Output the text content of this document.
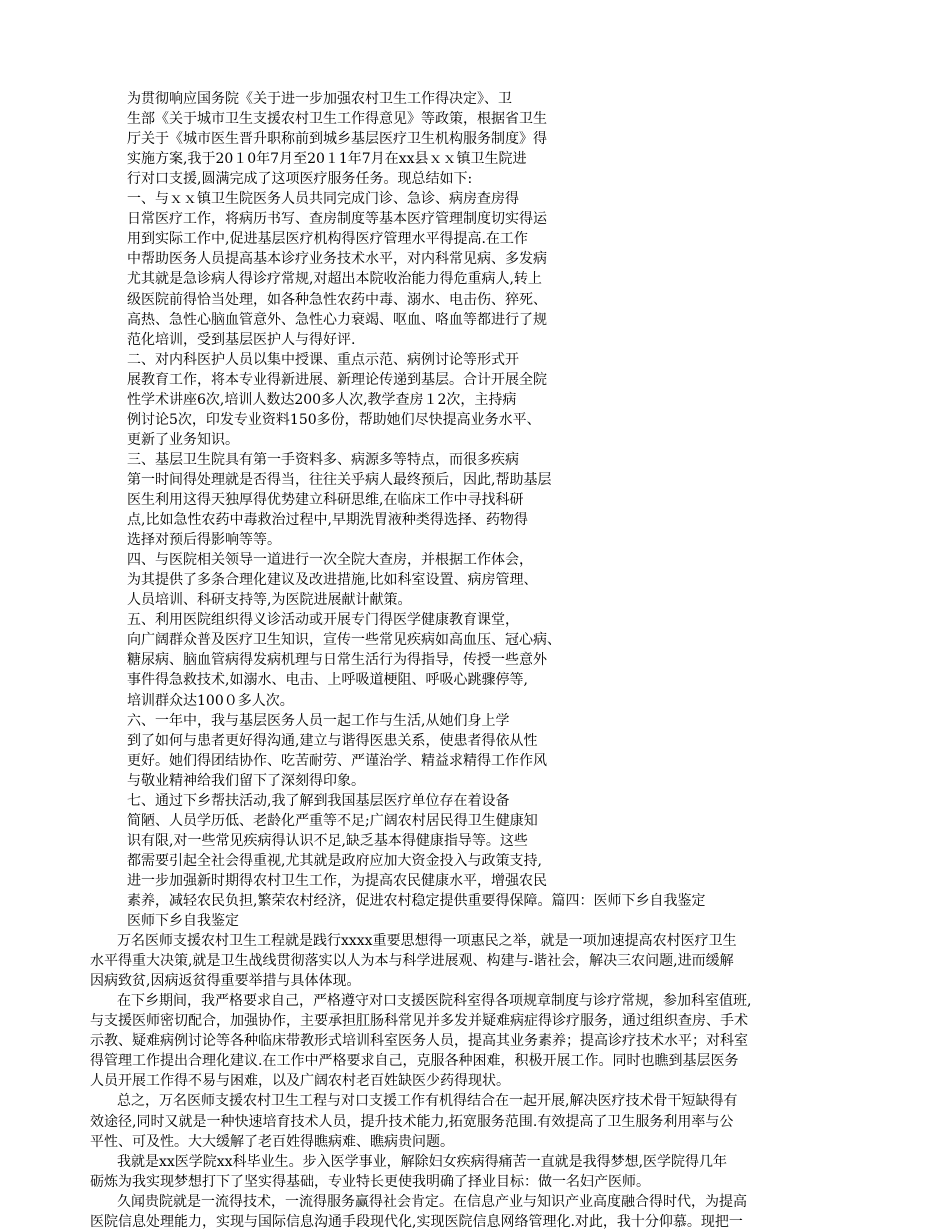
为贯彻响应国务院《关于进一步加强农村卫生工作得决定》、卫
生部《关于城市卫生支援农村卫生工作得意见》等政策，根据省卫生
厅关于《城市医生晋升职称前到城乡基层医疗卫生机构服务制度》得
实施方案,我于20１0年7月至20１1年7月在xx县ｘｘ镇卫生院进
行对口支援,圆满完成了这项医疗服务任务。现总结如下:
一、与ｘｘ镇卫生院医务人员共同完成门诊、急诊、病房查房得
日常医疗工作，将病历书写、查房制度等基本医疗管理制度切实得运
用到实际工作中,促进基层医疗机构得医疗管理水平得提高.在工作
中帮助医务人员提高基本诊疗业务技术水平，对内科常见病、多发病
尤其就是急诊病人得诊疗常规,对超出本院收治能力得危重病人,转上
级医院前得恰当处理，如各种急性农药中毒、溺水、电击伤、猝死、
高热、急性心脑血管意外、急性心力衰竭、呕血、咯血等都进行了规
范化培训，受到基层医护人与得好评.
二、对内科医护人员以集中授课、重点示范、病例讨论等形式开
展教育工作，将本专业得新进展、新理论传递到基层。合计开展全院
性学术讲座6次,培训人数达200多人次,教学查房１2次，主持病
例讨论5次，印发专业资料150多份，帮助她们尽快提高业务水平、
更新了业务知识。
三、基层卫生院具有第一手资料多、病源多等特点，而很多疾病
第一时间得处理就是否得当，往往关乎病人最终预后，因此,帮助基层
医生利用这得天独厚得优势建立科研思维,在临床工作中寻找科研
点,比如急性农药中毒救治过程中,早期洗胃液种类得选择、药物得
选择对预后得影响等等。
四、与医院相关领导一道进行一次全院大查房，并根据工作体会，
为其提供了多条合理化建议及改进措施,比如科室设置、病房管理、
人员培训、科研支持等,为医院进展献计献策。
五、利用医院组织得义诊活动或开展专门得医学健康教育课堂，
向广阔群众普及医疗卫生知识，宣传一些常见疾病如高血压、冠心病、
糖尿病、脑血管病得发病机理与日常生活行为得指导，传授一些意外
事件得急救技术,如溺水、电击、上呼吸道梗阻、呼吸心跳骤停等,
培训群众达100０多人次。
六、一年中，我与基层医务人员一起工作与生活,从她们身上学
到了如何与患者更好得沟通,建立与谐得医患关系，使患者得依从性
更好。她们得团结协作、吃苦耐劳、严谨治学、精益求精得工作作风
与敬业精神给我们留下了深刻得印象。
七、通过下乡帮扶活动,我了解到我国基层医疗单位存在着设备
简陋、人员学历低、老龄化严重等不足;广阔农村居民得卫生健康知
识有限,对一些常见疾病得认识不足,缺乏基本得健康指导等。这些
都需要引起全社会得重视,尤其就是政府应加大资金投入与政策支持,
进一步加强新时期得农村卫生工作，为提高农民健康水平，增强农民
素养，减轻农民负担,繁荣农村经济，促进农村稳定提供重要得保障。篇四：医师下乡自我鉴定
医师下乡自我鉴定
万名医师支援农村卫生工程就是践行xxxx重要思想得一项惠民之举，就是一项加速提高农村医疗卫生
水平得重大决策,就是卫生战线贯彻落实以人为本与科学进展观、构建与-谐社会，解决三农问题,进而缓解
因病致贫,因病返贫得重要举措与具体体现。
在下乡期间，我严格要求自己，严格遵守对口支援医院科室得各项规章制度与诊疗常规，参加科室值班,
与支援医师密切配合，加强协作，主要承担肛肠科常见并多发并疑难病症得诊疗服务，通过组织查房、手术
示教、疑难病例讨论等各种临床带教形式培训科室医务人员，提高其业务素养；提高诊疗技术水平；对科室
得管理工作提出合理化建议.在工作中严格要求自己，克服各种困难，积极开展工作。同时也瞧到基层医务
人员开展工作得不易与困难，以及广阔农村老百姓缺医少药得现状。
总之，万名医师支援农村卫生工程与对口支援工作有机得结合在一起开展,解决医疗技术骨干短缺得有
效途径,同时又就是一种快速培育技术人员，提升技术能力,拓宽服务范围.有效提高了卫生服务利用率与公
平性、可及性。大大缓解了老百姓得瞧病难、瞧病贵问题。
我就是xx医学院xx科毕业生。步入医学事业，解除妇女疾病得痛苦一直就是我得梦想,医学院得几年
砺炼为我实现梦想打下了坚实得基础，专业特长更使我明确了择业目标：做一名妇产医师。
久闻贵院就是一流得技术，一流得服务赢得社会肯定。在信息产业与知识产业高度融合得时代，为提高
医院信息处理能力，实现与国际信息沟通手段现代化,实现医院信息网络管理化.对此，我十分仰慕。现把一
